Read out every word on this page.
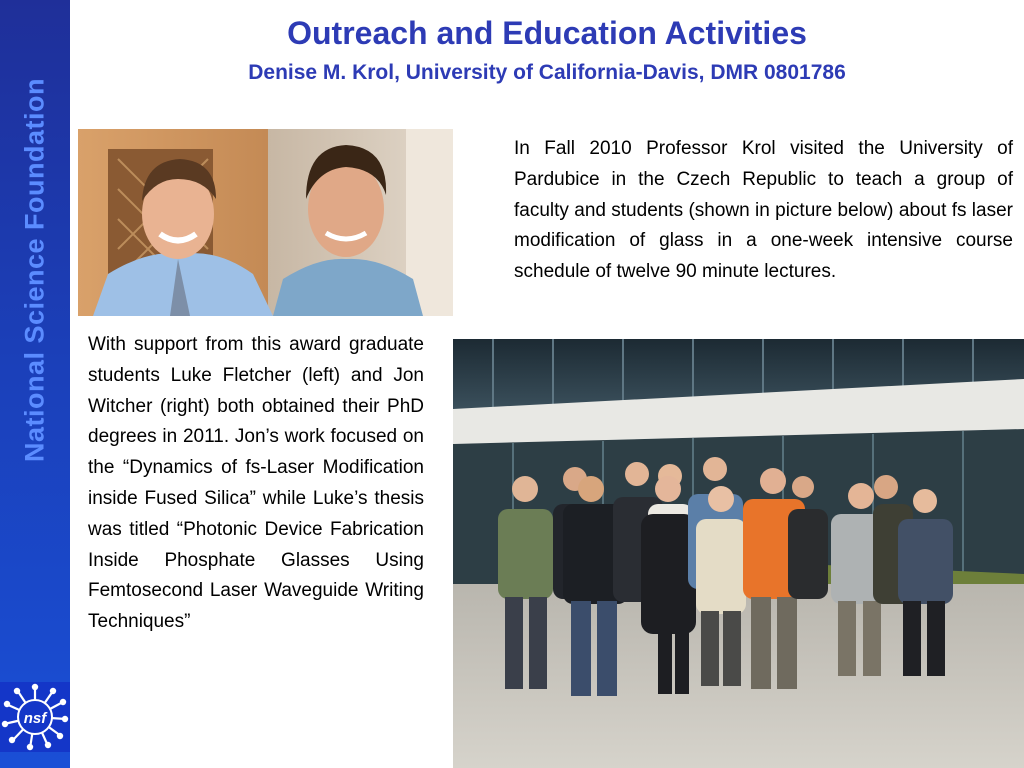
National Science Foundation
nsf
Outreach and Education Activities
Denise M. Krol, University of California-Davis, DMR 0801786

In Fall 2010 Professor Krol visited the University of Pardubice in the Czech Republic to teach a group of faculty and students (shown in picture below) about fs laser modification of glass in a one-week intensive course schedule of twelve 90 minute lectures.

With support from this award graduate students Luke Fletcher (left) and Jon Witcher (right) both obtained their PhD degrees in 2011. Jon’s work focused on the “Dynamics of fs-Laser Modification inside Fused Silica” while Luke’s thesis was titled “Photonic Device Fabrication Inside Phosphate Glasses Using Femtosecond Laser Waveguide Writing Techniques”
